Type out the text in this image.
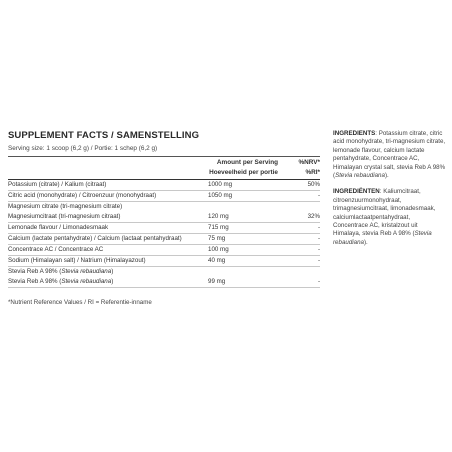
SUPPLEMENT FACTS / SAMENSTELLING
Serving size: 1 scoop (6,2 g) / Portie: 1 schep (6,2 g)
Amount per Serving	%NRV*
Hoeveelheid per portie	%RI*
Potassium (citrate) / Kalium (citraat)	1000 mg	50%
Citric acid (monohydrate) / Citroenzuur (monohydraat)	1050 mg	-
Magnesium citrate (tri-magnesium citrate)
Magnesiumcitraat (tri-magnesium citraat)	120 mg	32%
Lemonade flavour / Limonadesmaak	715 mg	-
Calcium (lactate pentahydrate) / Calcium (lactaat pentahydraat)	75 mg	-
Concentrace AC / Concentrace AC	100 mg	-
Sodium (Himalayan salt) / Natrium (Himalayazout)	40 mg	-
Stevia Reb A 98% (Stevia rebaudiana)
Stevia Reb A 98% (Stevia rebaudiana)	99 mg	-
*Nutrient Reference Values / RI = Referentie-inname
INGREDIENTS: Potassium citrate, citric acid monohydrate, tri-magnesium citrate, lemonade flavour, calcium lactate pentahydrate, Concentrace AC, Himalayan crystal salt, stevia Reb A 98% (Stevia rebaudiana).
INGREDIËNTEN: Kaliumcitraat, citroenzuurmonohydraat, trimagnesiumcitraat, limonadesmaak, calciumlactaatpentahydraat, Concentrace AC, kristalzout uit Himalaya, stevia Reb A 98% (Stevia rebaudiana).
